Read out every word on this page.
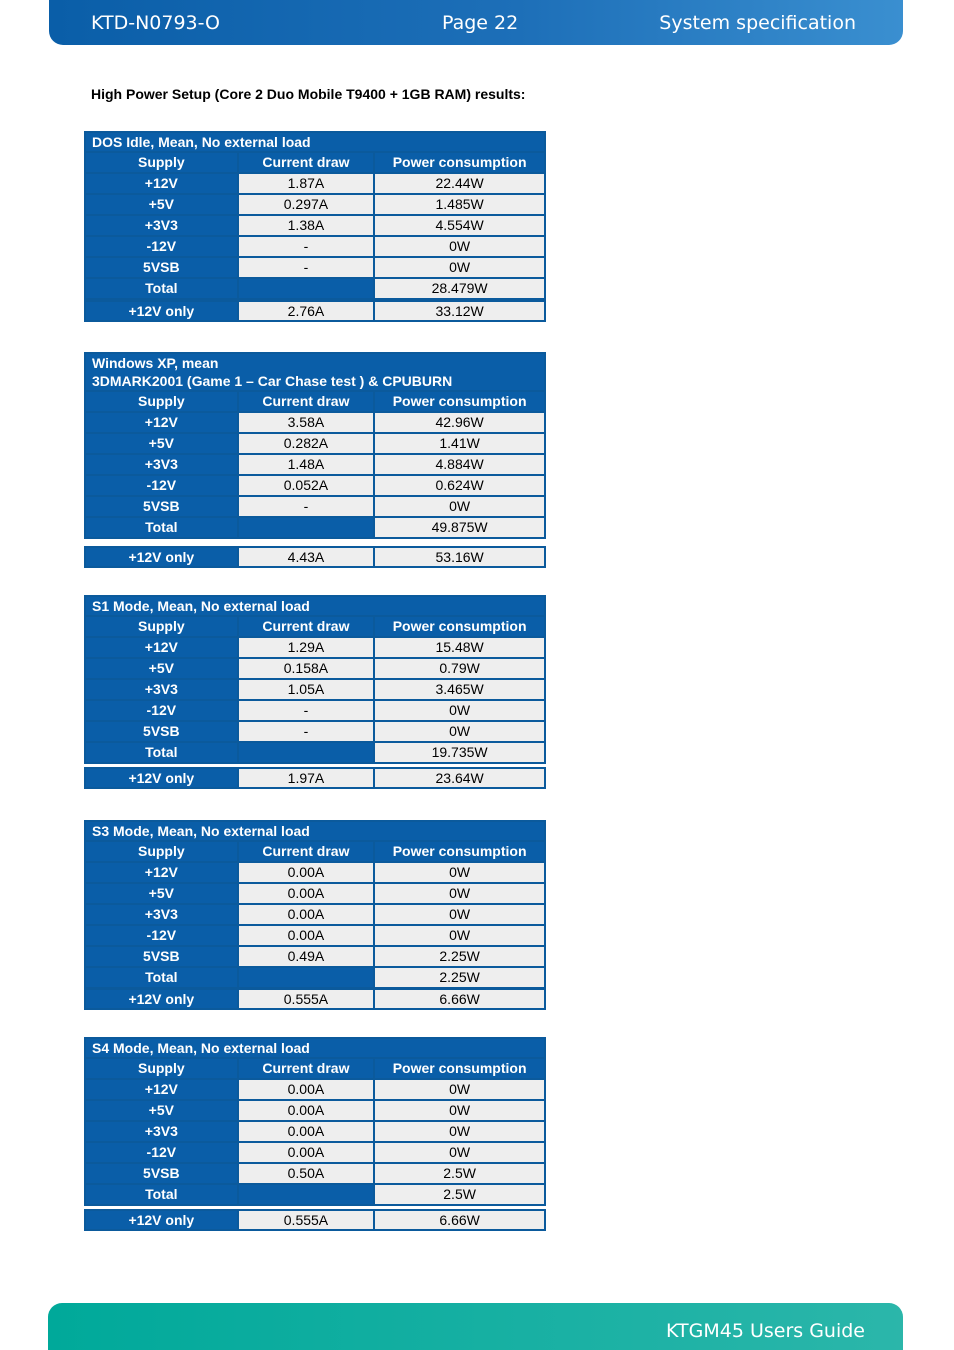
KTD-N0793-O	Page 22	System specification
High Power Setup (Core 2 Duo Mobile T9400 + 1GB RAM) results:
DOS Idle, Mean, No external load		

Supply	Current draw	Power consumption
+12V	1.87A	22.44W
+5V	0.297A	1.485W
+3V3	1.38A	4.554W
-12V	-	0W
5VSB	-	0W
Total		28.479W
+12V only	2.76A	33.12W
Windows XP, mean
3DMARK2001 (Game 1 – Car Chase test ) & CPUBURN		

Supply	Current draw	Power consumption
+12V	3.58A	42.96W
+5V	0.282A	1.41W
+3V3	1.48A	4.884W
-12V	0.052A	0.624W
5VSB	-	0W
Total		49.875W
+12V only	4.43A	53.16W
S1 Mode, Mean, No external load		

Supply	Current draw	Power consumption
+12V	1.29A	15.48W
+5V	0.158A	0.79W
+3V3	1.05A	3.465W
-12V	-	0W
5VSB	-	0W
Total		19.735W
+12V only	1.97A	23.64W
S3 Mode, Mean, No external load		

Supply	Current draw	Power consumption
+12V	0.00A	0W
+5V	0.00A	0W
+3V3	0.00A	0W
-12V	0.00A	0W
5VSB	0.49A	2.25W
Total		2.25W
+12V only	0.555A	6.66W
S4 Mode, Mean, No external load		

Supply	Current draw	Power consumption
+12V	0.00A	0W
+5V	0.00A	0W
+3V3	0.00A	0W
-12V	0.00A	0W
5VSB	0.50A	2.5W
Total		2.5W
+12V only	0.555A	6.66W
KTGM45 Users Guide
